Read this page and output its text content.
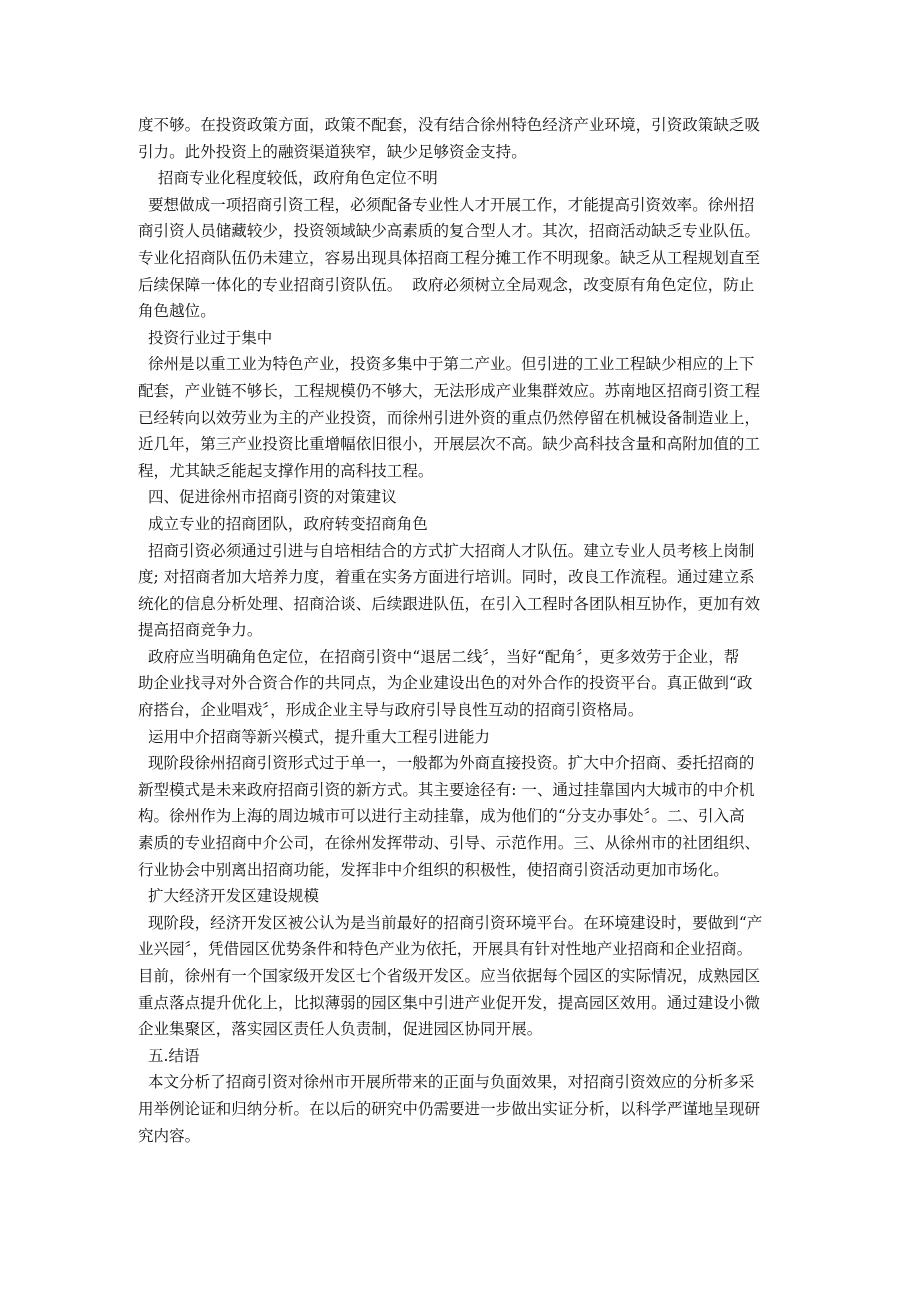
度不够。在投资政策方面，政策不配套，没有结合徐州特色经济产业环境，引资政策缺乏吸
引力。此外投资上的融资渠道狭窄，缺少足够资金支持。
招商专业化程度较低，政府角色定位不明
要想做成一项招商引资工程，必须配备专业性人才开展工作，才能提高引资效率。徐州招
商引资人员储藏较少，投资领域缺少高素质的复合型人才。其次，招商活动缺乏专业队伍。
专业化招商队伍仍未建立，容易出现具体招商工程分摊工作不明现象。缺乏从工程规划直至
后续保障一体化的专业招商引资队伍。  政府必须树立全局观念，改变原有角色定位，防止
角色越位。
投资行业过于集中
徐州是以重工业为特色产业，投资多集中于第二产业。但引进的工业工程缺少相应的上下
配套，产业链不够长，工程规模仍不够大，无法形成产业集群效应。苏南地区招商引资工程
已经转向以效劳业为主的产业投资，而徐州引进外资的重点仍然停留在机械设备制造业上，
近几年，第三产业投资比重增幅依旧很小，开展层次不高。缺少高科技含量和高附加值的工
程，尤其缺乏能起支撑作用的高科技工程。
四、促进徐州市招商引资的对策建议
成立专业的招商团队，政府转变招商角色
招商引资必须通过引进与自培相结合的方式扩大招商人才队伍。建立专业人员考核上岗制
度; 对招商者加大培养力度，着重在实务方面进行培训。同时，改良工作流程。通过建立系
统化的信息分析处理、招商洽谈、后续跟进队伍，在引入工程时各团队相互协作，更加有效
提高招商竞争力。
政府应当明确角色定位，在招商引资中“退居二线〞，当好“配角〞，更多效劳于企业，帮
助企业找寻对外合资合作的共同点，为企业建设出色的对外合作的投资平台。真正做到“政
府搭台，企业唱戏〞，形成企业主导与政府引导良性互动的招商引资格局。
运用中介招商等新兴模式，提升重大工程引进能力
现阶段徐州招商引资形式过于单一，一般都为外商直接投资。扩大中介招商、委托招商的
新型模式是未来政府招商引资的新方式。其主要途径有: 一、通过挂靠国内大城市的中介机
构。徐州作为上海的周边城市可以进行主动挂靠，成为他们的“分支办事处〞。二、引入高
素质的专业招商中介公司，在徐州发挥带动、引导、示范作用。三、从徐州市的社团组织、
行业协会中别离出招商功能，发挥非中介组织的积极性，使招商引资活动更加市场化。
扩大经济开发区建设规模
现阶段，经济开发区被公认为是当前最好的招商引资环境平台。在环境建设时，要做到“产
业兴园〞，凭借园区优势条件和特色产业为依托，开展具有针对性地产业招商和企业招商。
目前，徐州有一个国家级开发区七个省级开发区。应当依据每个园区的实际情况，成熟园区
重点落点提升优化上，比拟薄弱的园区集中引进产业促开发，提高园区效用。通过建设小微
企业集聚区，落实园区责任人负责制，促进园区协同开展。
五.结语
本文分析了招商引资对徐州市开展所带来的正面与负面效果，对招商引资效应的分析多采
用举例论证和归纳分析。在以后的研究中仍需要进一步做出实证分析，以科学严谨地呈现研
究内容。
